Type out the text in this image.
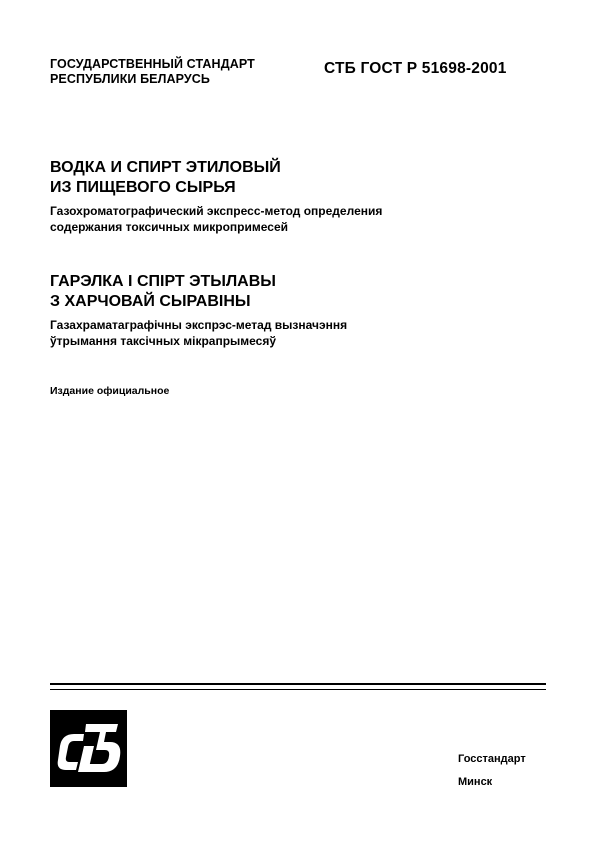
ГОСУДАРСТВЕННЫЙ СТАНДАРТ
РЕСПУБЛИКИ БЕЛАРУСЬ
СТБ ГОСТ Р 51698-2001
ВОДКА И СПИРТ ЭТИЛОВЫЙ
ИЗ ПИЩЕВОГО СЫРЬЯ
Газохроматографический экспресс-метод определения
содержания токсичных микропримесей
ГАРЭЛКА І СПІРТ ЭТЫЛАВЫ
З ХАРЧОВАЙ СЫРАВІНЫ
Газахраматаграфічны экспрэс-метад вызначэння
ўтрымання таксічных мікрапрымесяў
Издание официальное
Госстандарт
Минск
